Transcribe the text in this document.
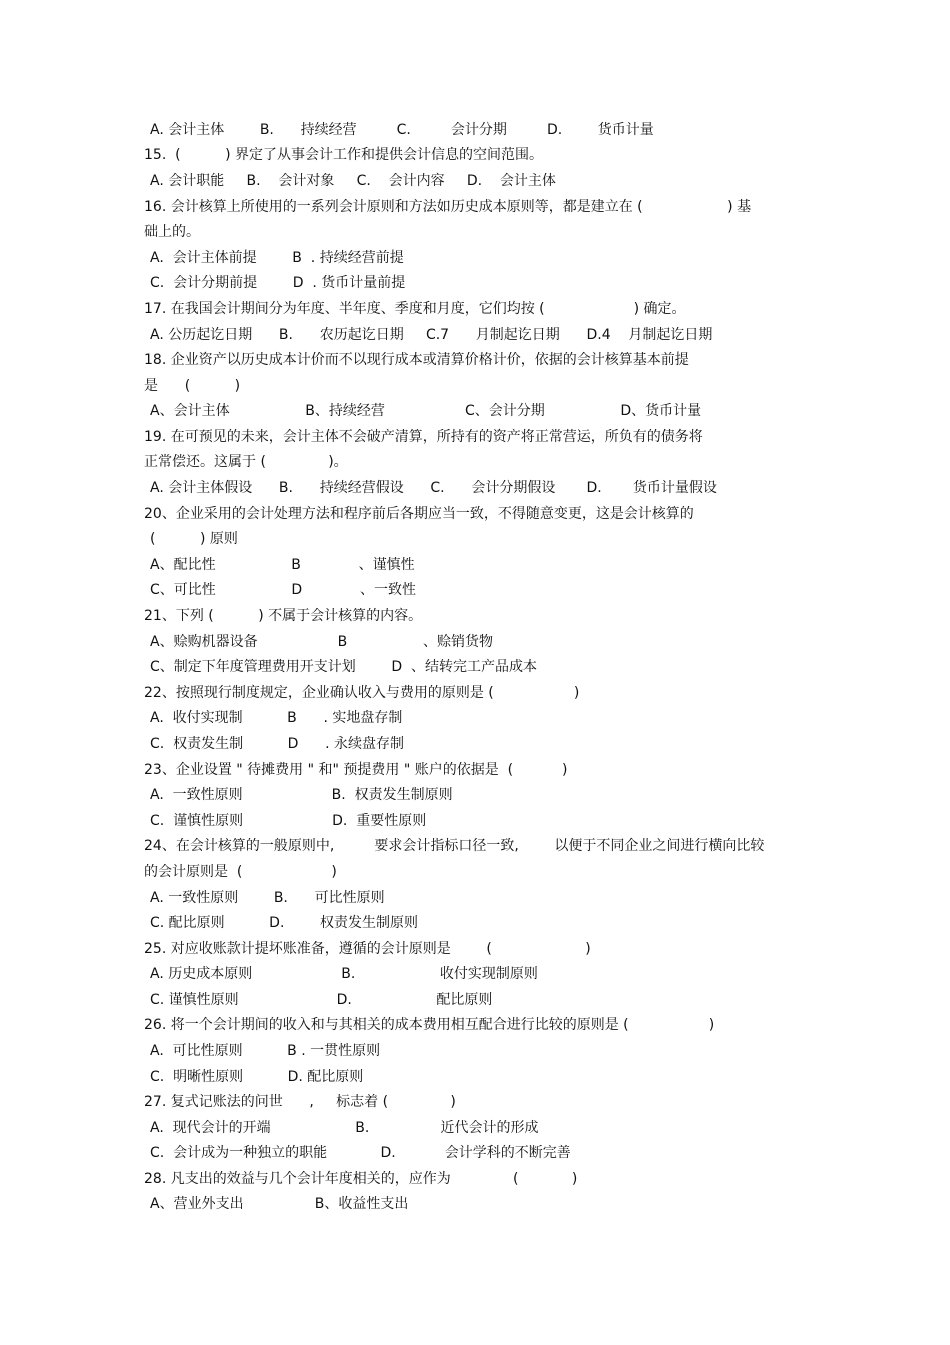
A. 会计主体        B.      持续经营         C.         会计分期         D.        货币计量
15.  (          ) 界定了从事会计工作和提供会计信息的空间范围。
A. 会计职能     B.    会计对象     C.    会计内容     D.    会计主体
16. 会计核算上所使用的一系列会计原则和方法如历史成本原则等，都是建立在 (                   ) 基
础上的。
A.  会计主体前提        B  . 持续经营前提
C.  会计分期前提        D  . 货币计量前提
17. 在我国会计期间分为年度、半年度、季度和月度，它们均按 (                    ) 确定。
A. 公历起讫日期      B.      农历起讫日期     C.7      月制起讫日期      D.4    月制起讫日期
18. 企业资产以历史成本计价而不以现行成本或清算价格计价，依据的会计核算基本前提
是      (          )
A、会计主体                 B、持续经营                  C、会计分期                 D、货币计量
19. 在可预见的未来，会计主体不会破产清算，所持有的资产将正常营运，所负有的债务将
正常偿还。这属于 (              )。
A. 会计主体假设      B.      持续经营假设      C.      会计分期假设       D.       货币计量假设
20、企业采用的会计处理方法和程序前后各期应当一致，不得随意变更，这是会计核算的
(          ) 原则
A、配比性                 B             、谨慎性
C、可比性                 D             、一致性
21、下列 (          ) 不属于会计核算的内容。
A、赊购机器设备                  B                 、赊销货物
C、制定下年度管理费用开支计划        D  、结转完工产品成本
22、按照现行制度规定，企业确认收入与费用的原则是 (                  )
A.  收付实现制          B      . 实地盘存制
C.  权责发生制          D      . 永续盘存制
23、企业设置 " 待摊费用 " 和" 预提费用 " 账户的依据是  (           )
A.  一致性原则                    B.  权责发生制原则
C.  谨慎性原则                    D.  重要性原则
24、在会计核算的一般原则中,         要求会计指标口径一致,        以便于不同企业之间进行横向比较
的会计原则是  (                    )
A. 一致性原则        B.      可比性原则
C. 配比原则          D.        权责发生制原则
25. 对应收账款计提坏账准备，遵循的会计原则是        (                     )
A. 历史成本原则                    B.                   收付实现制原则
C. 谨慎性原则                      D.                   配比原则
26. 将一个会计期间的收入和与其相关的成本费用相互配合进行比较的原则是 (                  )
A.  可比性原则          B . 一贯性原则
C.  明晰性原则          D. 配比原则
27. 复式记账法的问世      ,     标志着 (              )
A.  现代会计的开端                   B.                近代会计的形成
C.  会计成为一种独立的职能            D.           会计学科的不断完善
28. 凡支出的效益与几个会计年度相关的，应作为              (            )
A、营业外支出                B、收益性支出
